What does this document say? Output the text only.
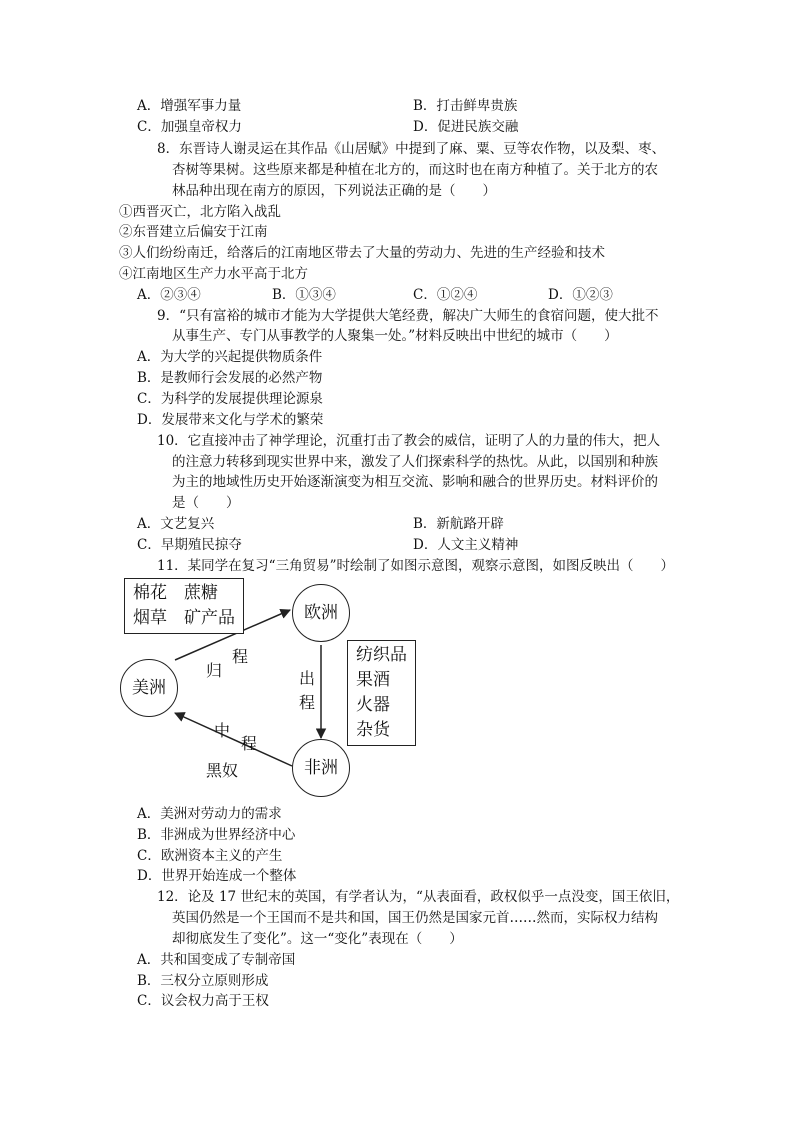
A．增强军事力量	B．打击鲜卑贵族
C．加强皇帝权力	D．促进民族交融
8．东晋诗人谢灵运在其作品《山居赋》中提到了麻、粟、豆等农作物，以及梨、枣、
杏树等果树。这些原来都是种植在北方的，而这时也在南方种植了。关于北方的农
林品种出现在南方的原因，下列说法正确的是（　　）
①西晋灭亡，北方陷入战乱
②东晋建立后偏安于江南
③人们纷纷南迁，给落后的江南地区带去了大量的劳动力、先进的生产经验和技术
④江南地区生产力水平高于北方
A．②③④	B．①③④	C．①②④	D．①②③
9．“只有富裕的城市才能为大学提供大笔经费，解决广大师生的食宿问题，使大批不
从事生产、专门从事教学的人聚集一处。”材料反映出中世纪的城市（　　）
A．为大学的兴起提供物质条件
B．是教师行会发展的必然产物
C．为科学的发展提供理论源泉
D．发展带来文化与学术的繁荣
10．它直接冲击了神学理论，沉重打击了教会的威信，证明了人的力量的伟大，把人
的注意力转移到现实世界中来，激发了人们探索科学的热忱。从此，以国别和种族
为主的地域性历史开始逐渐演变为相互交流、影响和融合的世界历史。材料评价的
是（　　）
A．文艺复兴	B．新航路开辟
C．早期殖民掠夺	D．人文主义精神
11．某同学在复习“三角贸易”时绘制了如图示意图，观察示意图，如图反映出（　　）
棉花　蔗糖
烟草　矿产品	欧洲
美洲
非洲
纺织品
果酒
火器
杂货
归
程
出
程
中
程
黑奴
A．美洲对劳动力的需求
B．非洲成为世界经济中心
C．欧洲资本主义的产生
D．世界开始连成一个整体
12．论及 17 世纪末的英国，有学者认为，“从表面看，政权似乎一点没变，国王依旧，
英国仍然是一个王国而不是共和国，国王仍然是国家元首……然而，实际权力结构
却彻底发生了变化”。这一“变化”表现在（　　）
A．共和国变成了专制帝国
B．三权分立原则形成
C．议会权力高于王权
